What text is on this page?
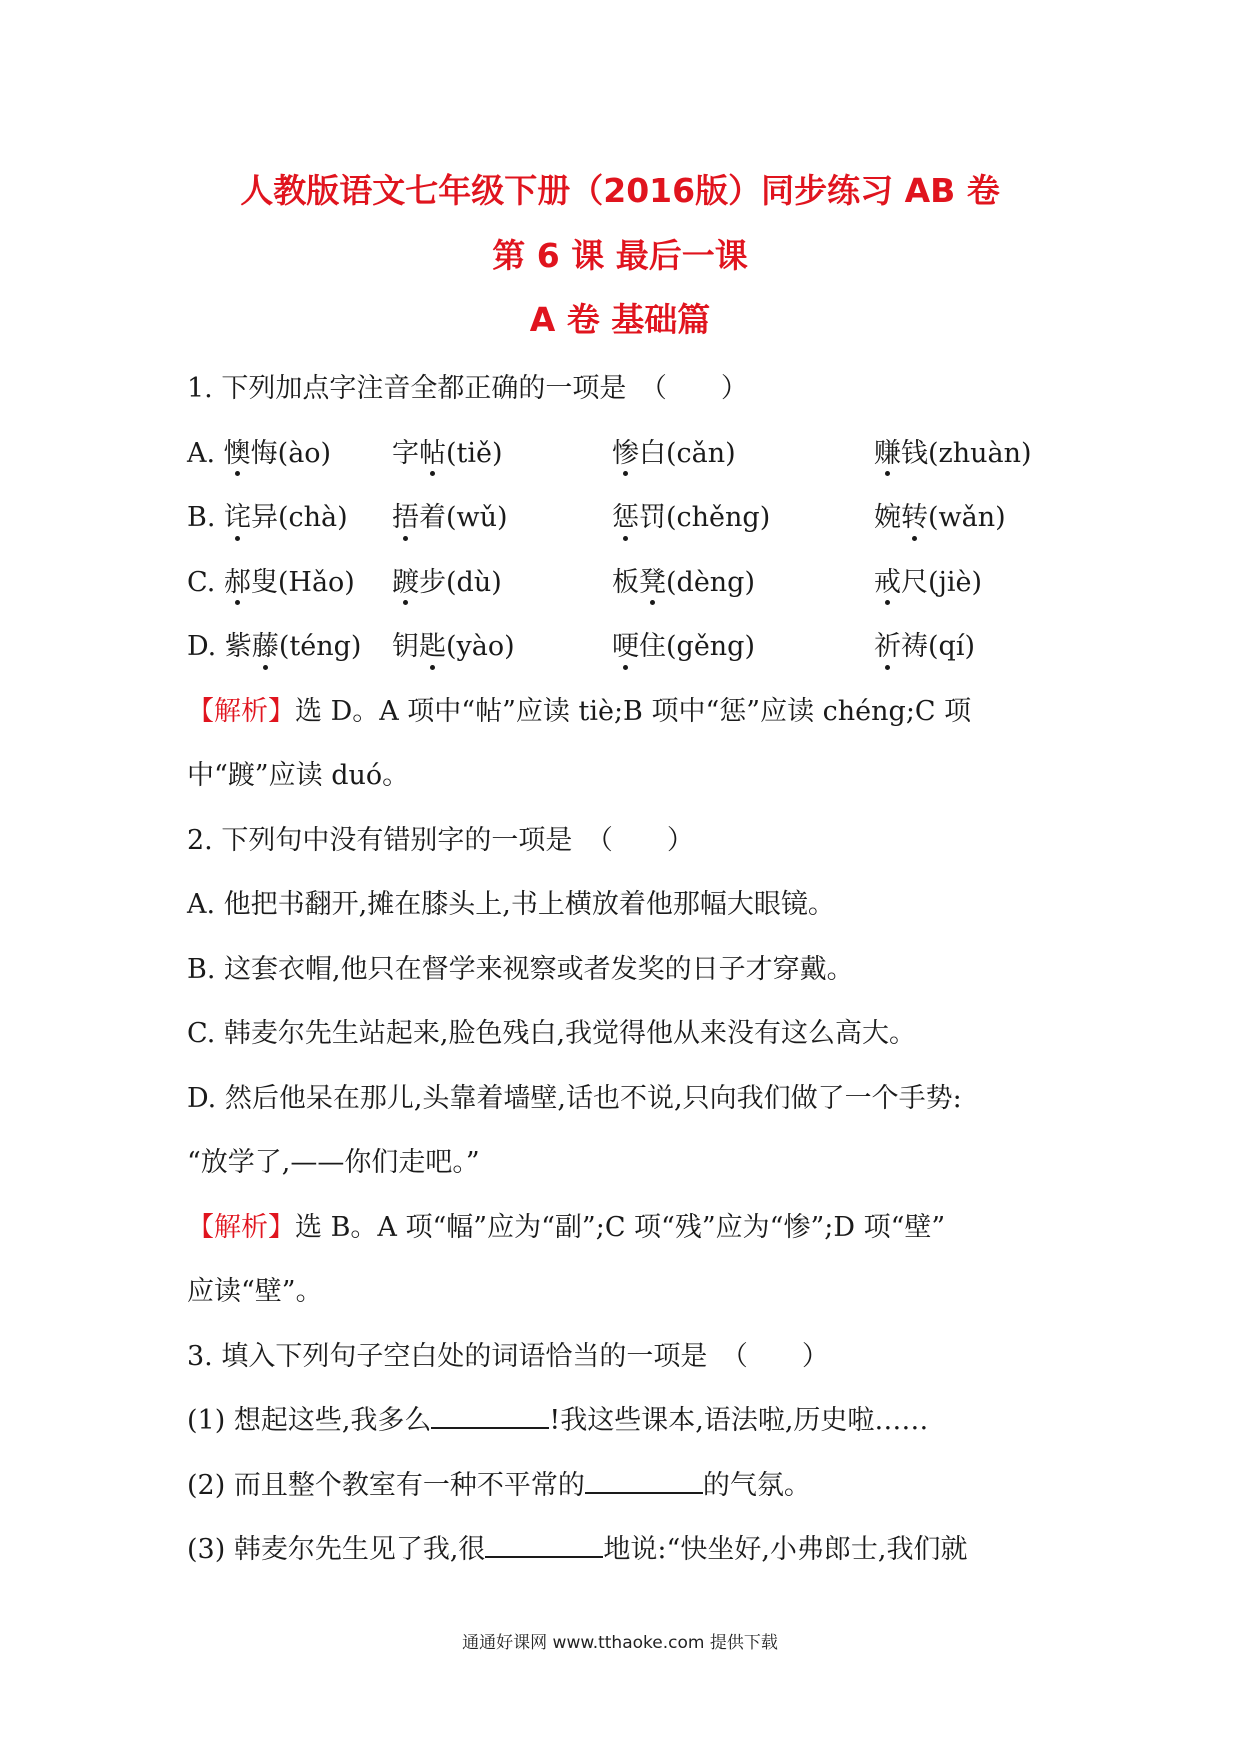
人教版语文七年级下册（2016版）同步练习 AB 卷
第 6 课 最后一课
A 卷 基础篇
1. 下列加点字注音全都正确的一项是　（　　）
A. 懊悔(ào)	字帖(tiě)	惨白(cǎn)	赚钱(zhuàn)
B. 诧异(chà)	捂着(wǔ)	惩罚(chěng)	婉转(wǎn)
C. 郝叟(Hǎo)	踱步(dù)	板凳(dèng)	戒尺(jiè)
D. 紫藤(téng)	钥匙(yào)	哽住(gěng)	祈祷(qí)
【解析】选 D。A 项中“帖”应读 tiè;B 项中“惩”应读 chéng;C 项
中“踱”应读 duó。
2. 下列句中没有错别字的一项是　（　　）
A. 他把书翻开,摊在膝头上,书上横放着他那幅大眼镜。
B. 这套衣帽,他只在督学来视察或者发奖的日子才穿戴。
C. 韩麦尔先生站起来,脸色残白,我觉得他从来没有这么高大。
D. 然后他呆在那儿,头靠着墙壁,话也不说,只向我们做了一个手势:
“放学了,——你们走吧。”
【解析】选 B。A 项“幅”应为“副”;C 项“残”应为“惨”;D 项“壁”
应读“壁”。
3. 填入下列句子空白处的词语恰当的一项是　（　　）
(1) 想起这些,我多么	!我这些课本,语法啦,历史啦……
(2) 而且整个教室有一种不平常的	的气氛。
(3) 韩麦尔先生见了我,很	地说:“快坐好,小弗郎士,我们就
通通好课网 www.tthaoke.com 提供下载
